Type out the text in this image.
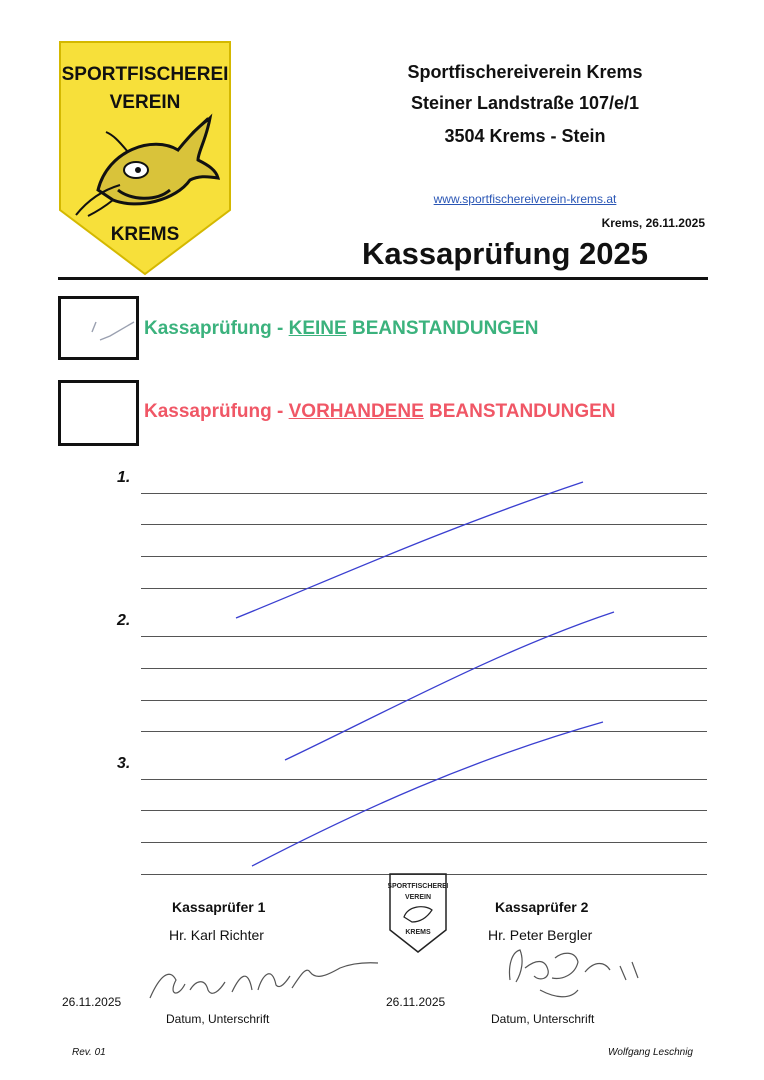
SPORTFISCHEREI
VEREIN
KREMS
Sportfischereiverein Krems
Steiner Landstraße 107/e/1
3504 Krems - Stein
www.sportfischereiverein-krems.at
Krems, 26.11.2025
Kassaprüfung 2025
Kassaprüfung - KEINE BEANSTANDUNGEN
Kassaprüfung - VORHANDENE BEANSTANDUNGEN
1.
2.
3.
Kassaprüfer 1
Hr. Karl Richter
26.11.2025
Datum, Unterschrift
SPORTFISCHEREI
VEREIN
KREMS
Kassaprüfer 2
Hr. Peter Bergler
26.11.2025
Datum, Unterschrift
Rev. 01	Wolfgang Leschnig
